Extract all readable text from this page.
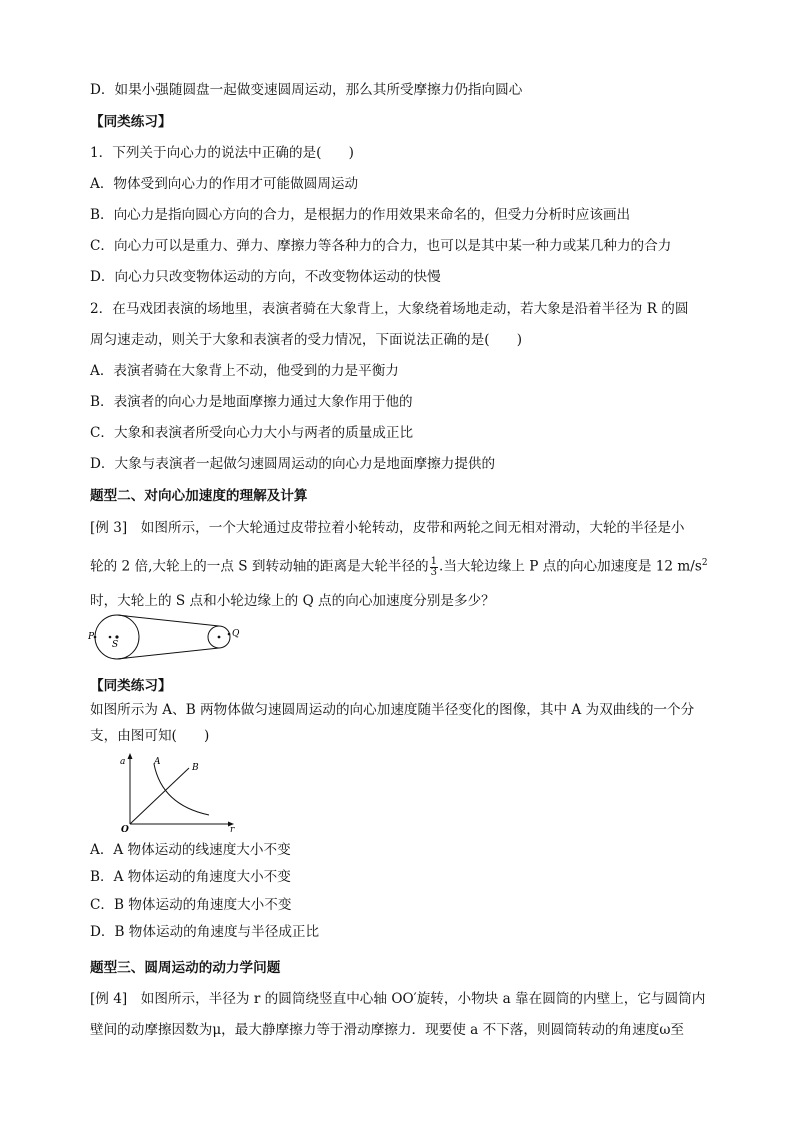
D．如果小强随圆盘一起做变速圆周运动，那么其所受摩擦力仍指向圆心
【同类练习】
1．下列关于向心力的说法中正确的是(　　)
A．物体受到向心力的作用才可能做圆周运动
B．向心力是指向圆心方向的合力，是根据力的作用效果来命名的，但受力分析时应该画出
C．向心力可以是重力、弹力、摩擦力等各种力的合力，也可以是其中某一种力或某几种力的合力
D．向心力只改变物体运动的方向，不改变物体运动的快慢
2．在马戏团表演的场地里，表演者骑在大象背上，大象绕着场地走动，若大象是沿着半径为 R 的圆
周匀速走动，则关于大象和表演者的受力情况，下面说法正确的是(　　)
A．表演者骑在大象背上不动，他受到的力是平衡力
B．表演者的向心力是地面摩擦力通过大象作用于他的
C．大象和表演者所受向心力大小与两者的质量成正比
D．大象与表演者一起做匀速圆周运动的向心力是地面摩擦力提供的
题型二、对向心加速度的理解及计算
[例 3]　如图所示，一个大轮通过皮带拉着小轮转动，皮带和两轮之间无相对滑动，大轮的半径是小
轮的 2 倍,大轮上的一点 S 到转动轴的距离是大轮半径的 $\frac{1}{3}$ .当大轮边缘上 P 点的向心加速度是 12 $m/s^2$
时，大轮上的 S 点和小轮边缘上的 Q 点的向心加速度分别是多少？
P
S
Q
【同类练习】
如图所示为 A、B 两物体做匀速圆周运动的向心加速度随半径变化的图像，其中 A 为双曲线的一个分
支，由图可知(　　)
a	A
B
O	r
A．A 物体运动的线速度大小不变
B．A 物体运动的角速度大小不变
C．B 物体运动的角速度大小不变
D．B 物体运动的角速度与半径成正比
题型三、圆周运动的动力学问题
[例 4]　如图所示，半径为 r 的圆筒绕竖直中心轴 OO′旋转，小物块 a 靠在圆筒的内壁上，它与圆筒内
壁间的动摩擦因数为μ，最大静摩擦力等于滑动摩擦力．现要使 a 不下落，则圆筒转动的角速度ω至
